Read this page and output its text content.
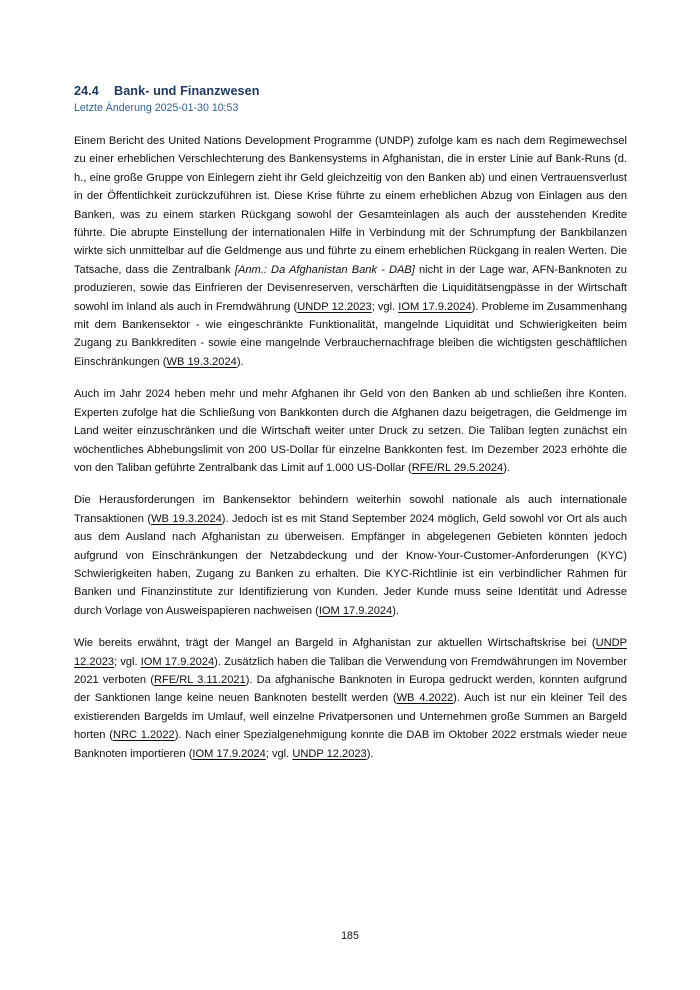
24.4 Bank- und Finanzwesen
Letzte Änderung 2025-01-30 10:53

Einem Bericht des United Nations Development Programme (UNDP) zufolge kam es nach dem Regimewechsel zu einer erheblichen Verschlechterung des Bankensystems in Afghanistan, die in erster Linie auf Bank-Runs (d. h., eine große Gruppe von Einlegern zieht ihr Geld gleichzeitig von den Banken ab) und einen Vertrauensverlust in der Öffentlichkeit zurückzuführen ist. Diese Krise führte zu einem erheblichen Abzug von Einlagen aus den Banken, was zu einem starken Rückgang sowohl der Gesamteinlagen als auch der ausstehenden Kredite führte. Die abrupte Einstellung der internationalen Hilfe in Verbindung mit der Schrumpfung der Bankbilanzen wirkte sich unmittelbar auf die Geldmenge aus und führte zu einem erheblichen Rückgang in realen Werten. Die Tatsache, dass die Zentralbank [Anm.: Da Afghanistan Bank - DAB] nicht in der Lage war, AFN-Banknoten zu produzieren, sowie das Einfrieren der Devisenreserven, verschärften die Liquiditätsengpässe in der Wirtschaft sowohl im Inland als auch in Fremdwährung (UNDP 12.2023; vgl. IOM 17.9.2024). Probleme im Zusammenhang mit dem Bankensektor - wie eingeschränkte Funktionalität, mangelnde Liquidität und Schwierigkeiten beim Zugang zu Bankkrediten - sowie eine mangelnde Verbrauchernachfrage bleiben die wichtigsten geschäftlichen Einschränkungen (WB 19.3.2024).

Auch im Jahr 2024 heben mehr und mehr Afghanen ihr Geld von den Banken ab und schließen ihre Konten. Experten zufolge hat die Schließung von Bankkonten durch die Afghanen dazu beigetragen, die Geldmenge im Land weiter einzuschränken und die Wirtschaft weiter unter Druck zu setzen. Die Taliban legten zunächst ein wöchentliches Abhebungslimit von 200 US-Dollar für einzelne Bankkonten fest. Im Dezember 2023 erhöhte die von den Taliban geführte Zentralbank das Limit auf 1.000 US-Dollar (RFE/RL 29.5.2024).

Die Herausforderungen im Bankensektor behindern weiterhin sowohl nationale als auch internationale Transaktionen (WB 19.3.2024). Jedoch ist es mit Stand September 2024 möglich, Geld sowohl vor Ort als auch aus dem Ausland nach Afghanistan zu überweisen. Empfänger in abgelegenen Gebieten könnten jedoch aufgrund von Einschränkungen der Netzabdeckung und der Know-Your-Customer-Anforderungen (KYC) Schwierigkeiten haben, Zugang zu Banken zu erhalten. Die KYC-Richtlinie ist ein verbindlicher Rahmen für Banken und Finanzinstitute zur Identifizierung von Kunden. Jeder Kunde muss seine Identität und Adresse durch Vorlage von Ausweispapieren nachweisen (IOM 17.9.2024).

Wie bereits erwähnt, trägt der Mangel an Bargeld in Afghanistan zur aktuellen Wirtschaftskrise bei (UNDP 12.2023; vgl. IOM 17.9.2024). Zusätzlich haben die Taliban die Verwendung von Fremdwährungen im November 2021 verboten (RFE/RL 3.11.2021). Da afghanische Banknoten in Europa gedruckt werden, konnten aufgrund der Sanktionen lange keine neuen Banknoten bestellt werden (WB 4.2022). Auch ist nur ein kleiner Teil des existierenden Bargelds im Umlauf, weil einzelne Privatpersonen und Unternehmen große Summen an Bargeld horten (NRC 1.2022). Nach einer Spezialgenehmigung konnte die DAB im Oktober 2022 erstmals wieder neue Banknoten importieren (IOM 17.9.2024; vgl. UNDP 12.2023).

185
